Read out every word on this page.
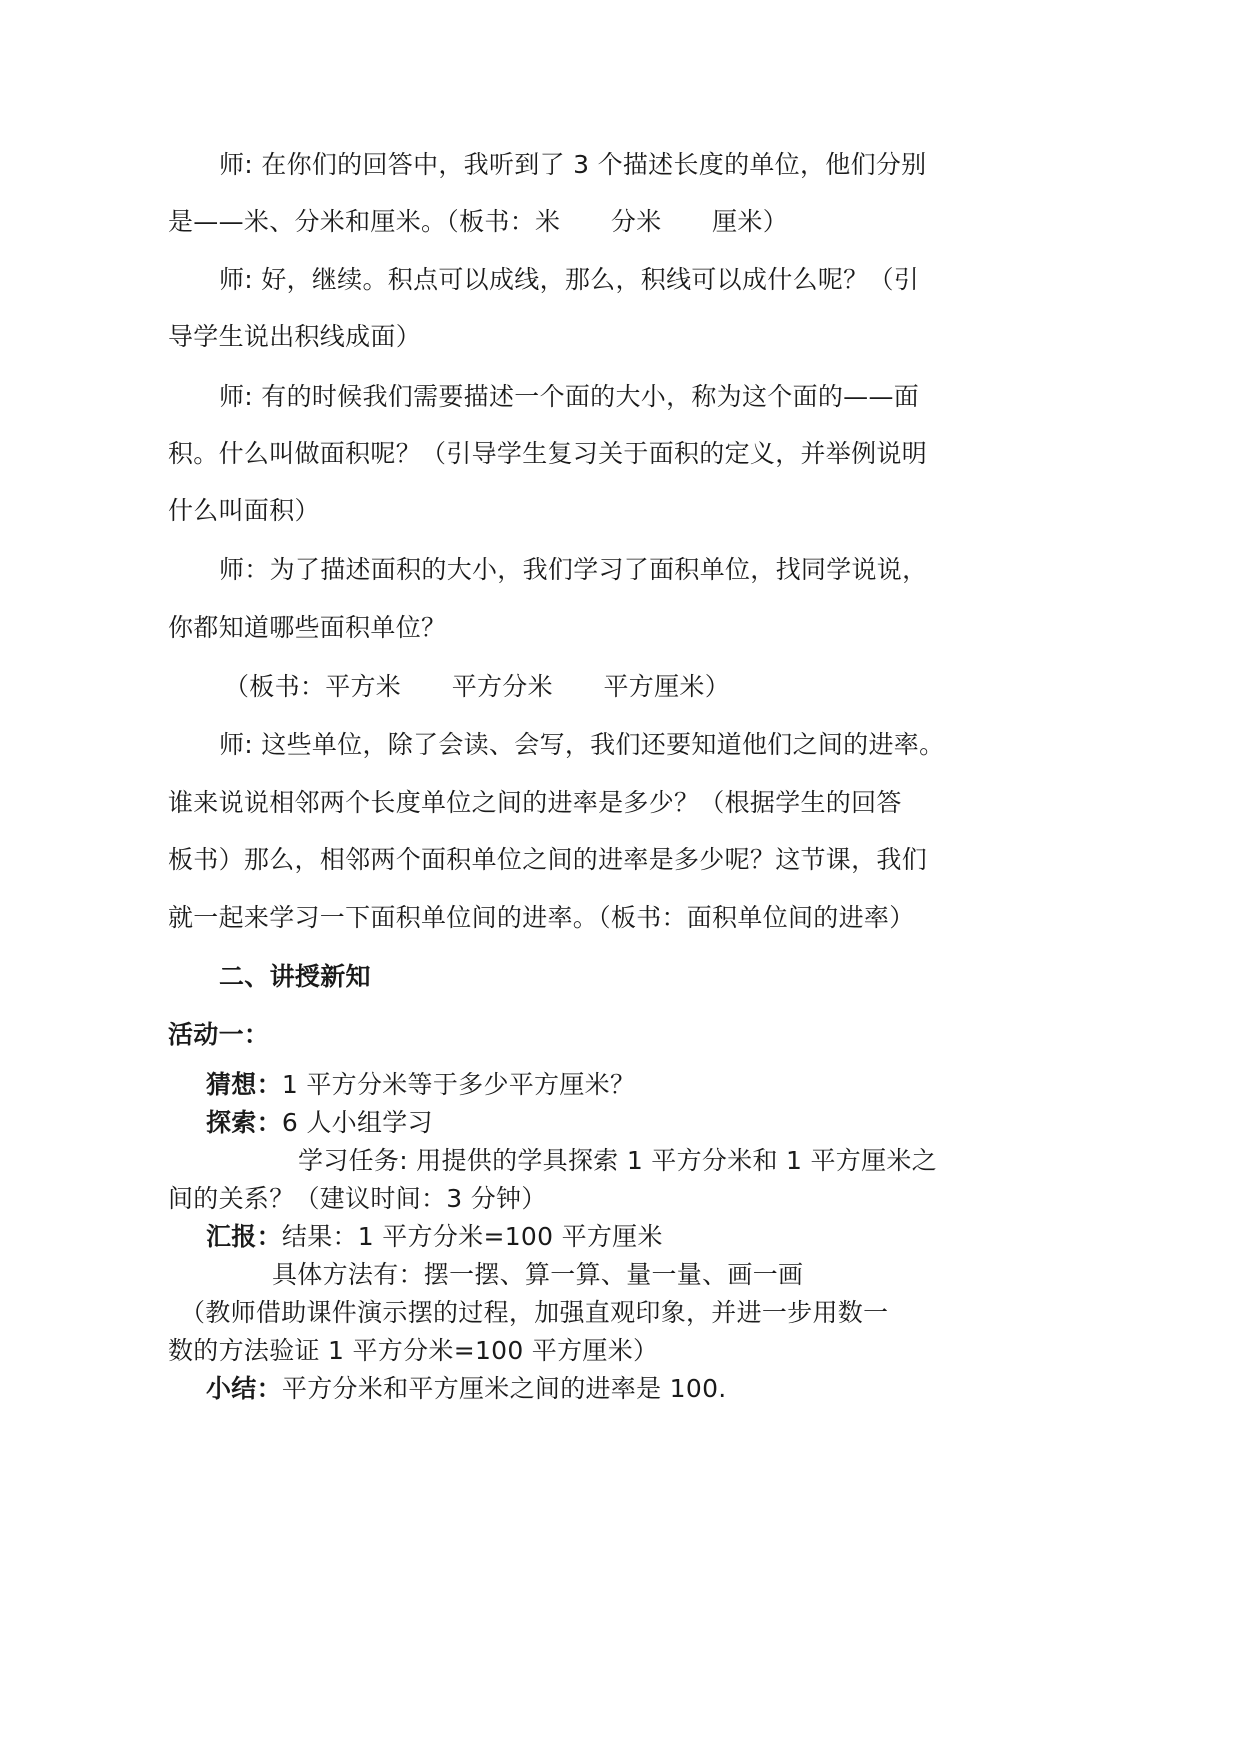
师: 在你们的回答中，我听到了 3 个描述长度的单位，他们分别
是——米、分米和厘米。（板书：米　　分米　　厘米）
师: 好，继续。积点可以成线，那么，积线可以成什么呢？（引
导学生说出积线成面）
师: 有的时候我们需要描述一个面的大小，称为这个面的——面
积。什么叫做面积呢？（引导学生复习关于面积的定义，并举例说明
什么叫面积）
师：为了描述面积的大小，我们学习了面积单位，找同学说说，
你都知道哪些面积单位？
（板书：平方米　　平方分米　　平方厘米）
师: 这些单位，除了会读、会写，我们还要知道他们之间的进率。
谁来说说相邻两个长度单位之间的进率是多少？（根据学生的回答
板书）那么，相邻两个面积单位之间的进率是多少呢？这节课，我们
就一起来学习一下面积单位间的进率。（板书：面积单位间的进率）
二、讲授新知
活动一：
猜想：1 平方分米等于多少平方厘米？
探索：6 人小组学习
学习任务: 用提供的学具探索 1 平方分米和 1 平方厘米之
间的关系？（建议时间：3 分钟）
汇报：结果：1 平方分米=100 平方厘米
具体方法有：摆一摆、算一算、量一量、画一画
（教师借助课件演示摆的过程，加强直观印象，并进一步用数一
数的方法验证 1 平方分米=100 平方厘米）
小结：平方分米和平方厘米之间的进率是 100.
